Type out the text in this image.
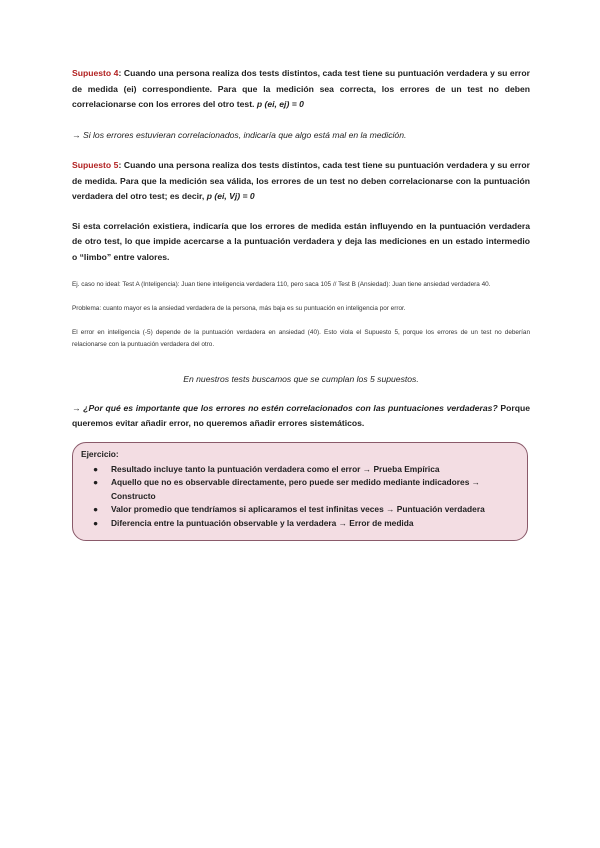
Supuesto 4: Cuando una persona realiza dos tests distintos, cada test tiene su puntuación verdadera y su error de medida (ei) correspondiente. Para que la medición sea correcta, los errores de un test no deben correlacionarse con los errores del otro test. p (ei, ej) = 0

→ Si los errores estuvieran correlacionados, indicaría que algo está mal en la medición.

Supuesto 5: Cuando una persona realiza dos tests distintos, cada test tiene su puntuación verdadera y su error de medida. Para que la medición sea válida, los errores de un test no deben correlacionarse con la puntuación verdadera del otro test; es decir, p (ei, Vj) = 0

Si esta correlación existiera, indicaría que los errores de medida están influyendo en la puntuación verdadera de otro test, lo que impide acercarse a la puntuación verdadera y deja las mediciones en un estado intermedio o “limbo” entre valores.

Ej. caso no ideal: Test A (Inteligencia): Juan tiene inteligencia verdadera 110, pero saca 105 // Test B (Ansiedad): Juan tiene ansiedad verdadera 40.

Problema: cuanto mayor es la ansiedad verdadera de la persona, más baja es su puntuación en inteligencia por error.

El error en inteligencia (-5) depende de la puntuación verdadera en ansiedad (40). Esto viola el Supuesto 5, porque los errores de un test no deberían relacionarse con la puntuación verdadera del otro.

En nuestros tests buscamos que se cumplan los 5 supuestos.

→ ¿Por qué es importante que los errores no estén correlacionados con las puntuaciones verdaderas? Porque queremos evitar añadir error, no queremos añadir errores sistemáticos.

Ejercicio:
● Resultado incluye tanto la puntuación verdadera como el error → Prueba Empírica
● Aquello que no es observable directamente, pero puede ser medido mediante indicadores → Constructo
● Valor promedio que tendríamos si aplicaramos el test infinitas veces → Puntuación verdadera
● Diferencia entre la puntuación observable y la verdadera → Error de medida
